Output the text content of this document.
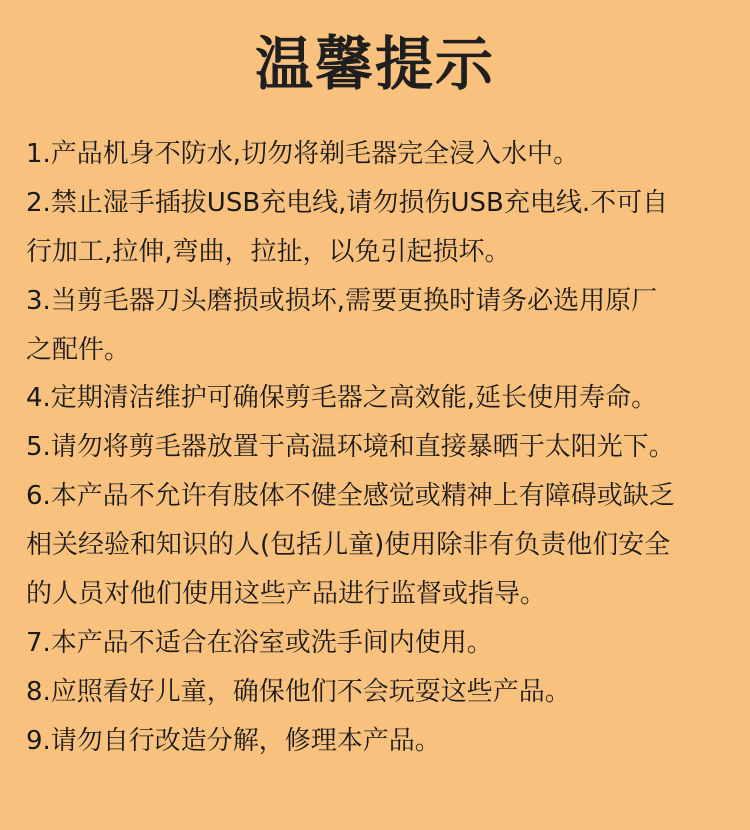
温馨提示
1.产品机身不防水,切勿将剃毛器完全浸入水中。
2.禁止湿手插拔USB充电线,请勿损伤USB充电线.不可自
行加工,拉伸,弯曲，拉扯，以免引起损坏。
3.当剪毛器刀头磨损或损坏,需要更换时请务必选用原厂
之配件。
4.定期清洁维护可确保剪毛器之高效能,延长使用寿命。
5.请勿将剪毛器放置于高温环境和直接暴晒于太阳光下。
6.本产品不允许有肢体不健全感觉或精神上有障碍或缺乏
相关经验和知识的人(包括儿童)使用除非有负责他们安全
的人员对他们使用这些产品进行监督或指导。
7.本产品不适合在浴室或洗手间内使用。
8.应照看好儿童，确保他们不会玩耍这些产品。
9.请勿自行改造分解，修理本产品。
